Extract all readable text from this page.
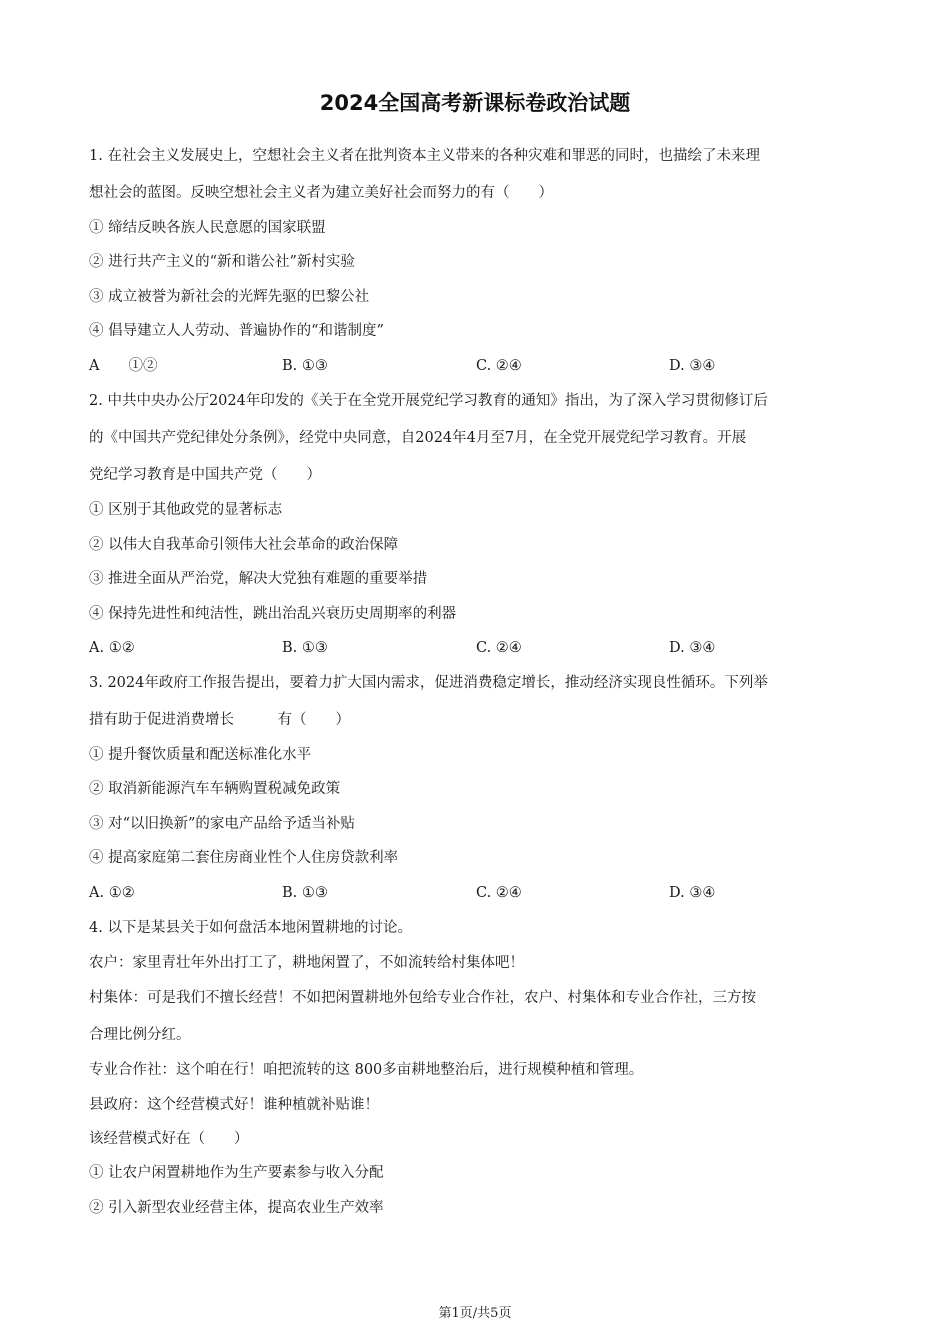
2024全国高考新课标卷政治试题
1. 在社会主义发展史上，空想社会主义者在批判资本主义带来的各种灾难和罪恶的同时，也描绘了未来理
想社会的蓝图。反映空想社会主义者为建立美好社会而努力的有（　　）
① 缔结反映各族人民意愿的国家联盟
② 进行共产主义的“新和谐公社”新村实验
③ 成立被誉为新社会的光辉先驱的巴黎公社
④ 倡导建立人人劳动、普遍协作的“和谐制度”
A　　①②	B. ①③	C. ②④	D. ③④
2. 中共中央办公厅2024年印发的《关于在全党开展党纪学习教育的通知》指出，为了深入学习贯彻修订后
的《中国共产党纪律处分条例》，经党中央同意，自2024年4月至7月，在全党开展党纪学习教育。开展
党纪学习教育是中国共产党（　　）
① 区别于其他政党的显著标志
② 以伟大自我革命引领伟大社会革命的政治保障
③ 推进全面从严治党，解决大党独有难题的重要举措
④ 保持先进性和纯洁性，跳出治乱兴衰历史周期率的利器
A. ①②	B. ①③	C. ②④	D. ③④
3. 2024年政府工作报告提出，要着力扩大国内需求，促进消费稳定增长，推动经济实现良性循环。下列举
措有助于促进消费增长　　　有（　　）
① 提升餐饮质量和配送标准化水平
② 取消新能源汽车车辆购置税减免政策
③ 对“以旧换新”的家电产品给予适当补贴
④ 提高家庭第二套住房商业性个人住房贷款利率
A. ①②	B. ①③	C. ②④	D. ③④
4. 以下是某县关于如何盘活本地闲置耕地的讨论。
农户：家里青壮年外出打工了，耕地闲置了，不如流转给村集体吧！
村集体：可是我们不擅长经营！不如把闲置耕地外包给专业合作社，农户、村集体和专业合作社，三方按
合理比例分红。
专业合作社：这个咱在行！咱把流转的这 800多亩耕地整治后，进行规模种植和管理。
县政府：这个经营模式好！谁种植就补贴谁！
该经营模式好在（　　）
① 让农户闲置耕地作为生产要素参与收入分配
② 引入新型农业经营主体，提高农业生产效率
第1页/共5页
